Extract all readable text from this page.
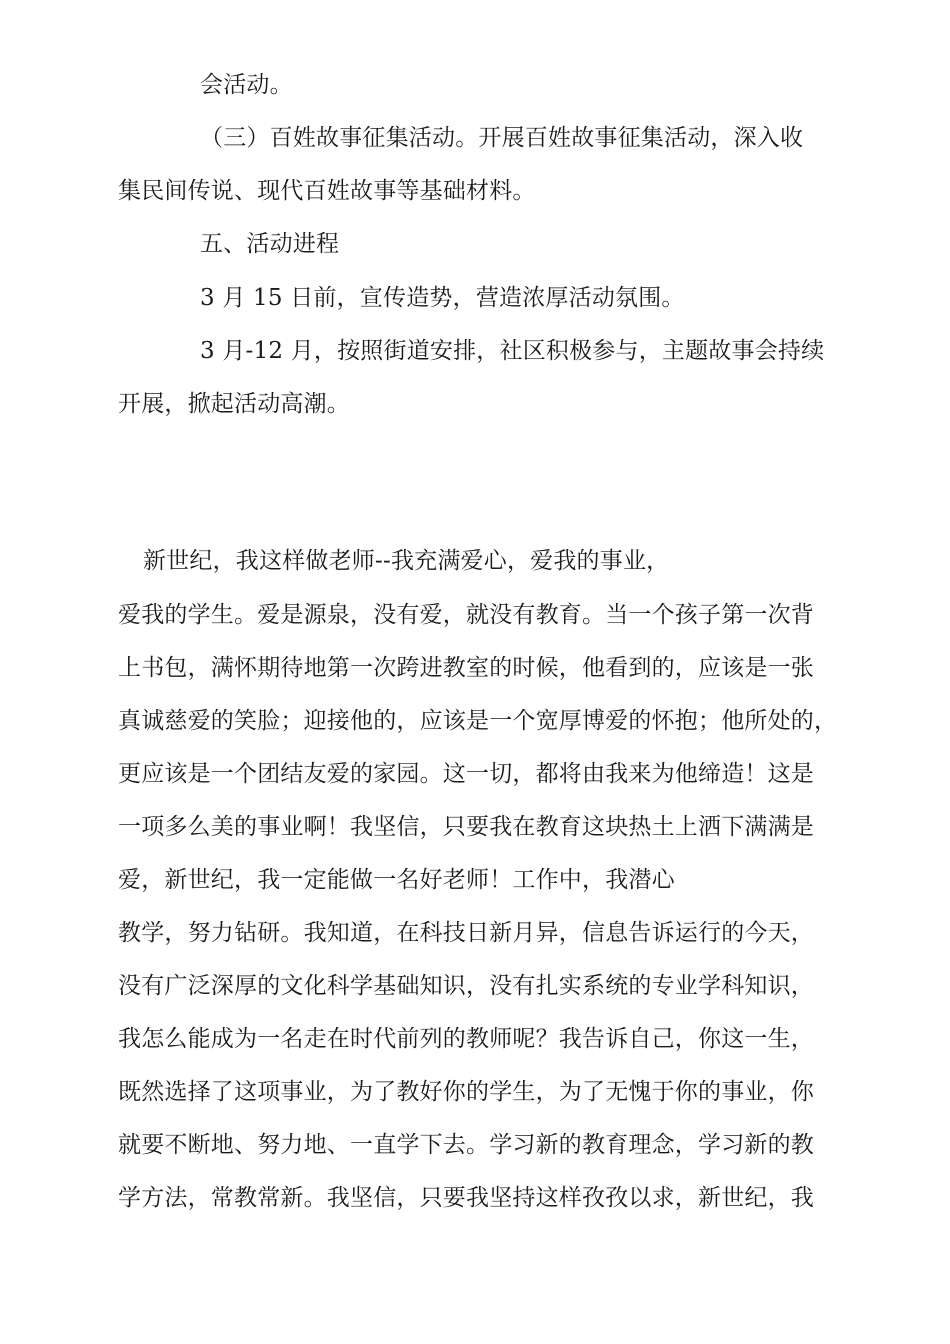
会活动。
（三）百姓故事征集活动。开展百姓故事征集活动，深入收
集民间传说、现代百姓故事等基础材料。
五、活动进程
3 月 15 日前，宣传造势，营造浓厚活动氛围。
3 月-12 月，按照街道安排，社区积极参与，主题故事会持续
开展，掀起活动高潮。
新世纪，我这样做老师--我充满爱心，爱我的事业，
爱我的学生。爱是源泉，没有爱，就没有教育。当一个孩子第一次背
上书包，满怀期待地第一次跨进教室的时候，他看到的，应该是一张
真诚慈爱的笑脸；迎接他的，应该是一个宽厚博爱的怀抱；他所处的，
更应该是一个团结友爱的家园。这一切，都将由我来为他缔造！这是
一项多么美的事业啊！我坚信，只要我在教育这块热土上洒下满满是
爱，新世纪，我一定能做一名好老师！工作中，我潜心
教学，努力钻研。我知道，在科技日新月异，信息告诉运行的今天，
没有广泛深厚的文化科学基础知识，没有扎实系统的专业学科知识，
我怎么能成为一名走在时代前列的教师呢？我告诉自己，你这一生，
既然选择了这项事业，为了教好你的学生，为了无愧于你的事业，你
就要不断地、努力地、一直学下去。学习新的教育理念，学习新的教
学方法，常教常新。我坚信，只要我坚持这样孜孜以求，新世纪，我
